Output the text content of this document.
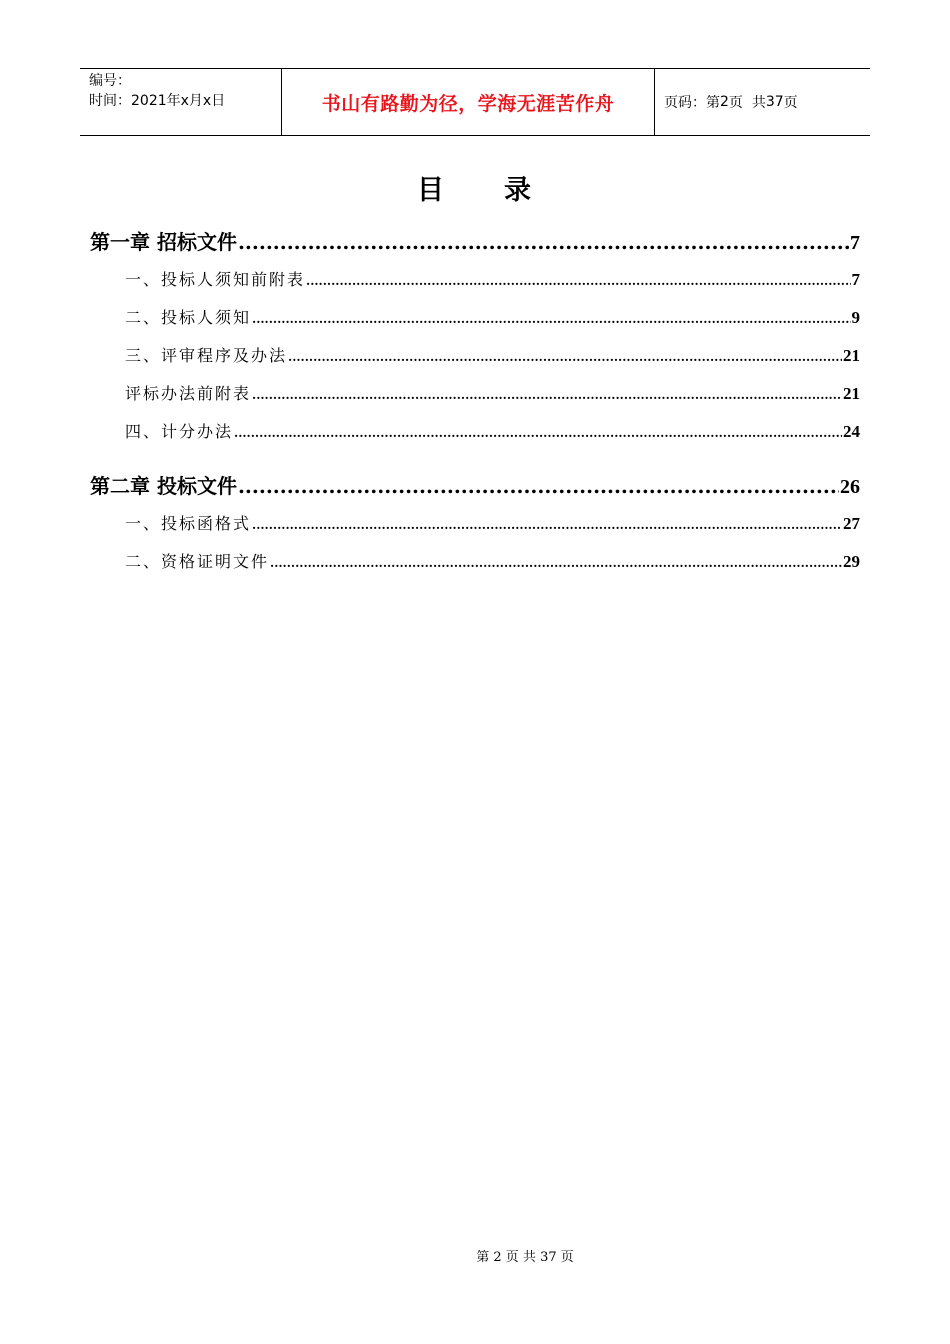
编号：
时间：2021年x月x日	书山有路勤为径，学海无涯苦作舟	页码：第 2 页  共 37 页
目　　录
第一章 招标文件 .....	7
一、投标人须知前附表 .....	7
二、投标人须知 .....	9
三、评审程序及办法 .....	21
评标办法前附表 .....	21
四、计分办法 .....	24
第二章 投标文件 .....	26
一、投标函格式 .....	27
二、资格证明文件 .....	29
第 2 页 共 37 页
